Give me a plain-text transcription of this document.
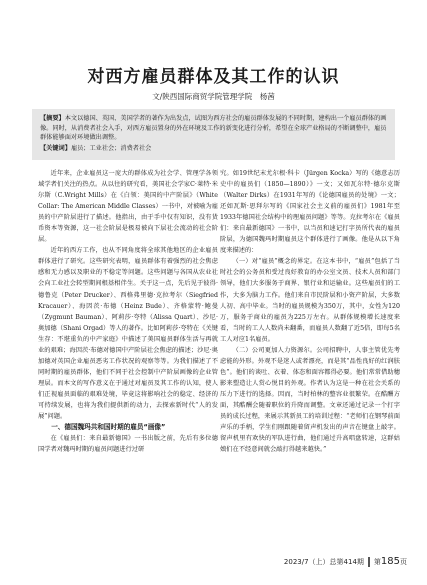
对西方雇员群体及其工作的认识
文/陕西国际商贸学院管理学院　杨茜
【摘要】本文以德国、英国、美国学者的著作为出发点，试图为西方社会的雇员群体发展的不同时期，建构出一个雇员群体的画像。同时，从消费者社会入手，对西方雇员置身的外在环境及工作的新变化进行分析，希望在全球产业格局的不断调整中，雇员群体能够面对环境做出调整。
【关键词】雇员；工业社会；消费者社会

近年来，企业雇员这一庞大的群体成为社会学、管理学各领域学者们关注的热点。从以往的研究看，美国社会学家C·莱特·米尔斯（C.Wright Mills）在《白领：美国的中产阶层》（White Collar: The American Middle Classes）一书中，对被喻为雇员的中产阶层进行了描述。他指出，由于手中仅有知识，没有货币资本等资源，这一社会阶层是极易被向下层社会流动的社会阶层。

近年的西方工作，也从不同角度将全球其他地区的企业雇员群体进行了研究。这些研究表明，雇员群体有着强烈的社会焦虑感和无力感以及职业的不稳定等问题。这些问题与各国从农业社会向工业社会转型期间根基相伴生。关于这一点，先后见于彼得·德鲁克（Peter Drucker）、西格弗里德·克拉考尔（Siegfried Kracauer）、海因茨·布德（Heinz Bude）、齐格蒙特·鲍曼（Zygmunt Bauman）、阿莉莎·夸特（Alissa Quart）、沙尼·奥加德（Shani Orgad）等人的著作。比如阿莉莎·夸特在《关键生存：不堪重负的中产家庭》中描述了美国雇员群体生活与再就业的艰难；海因茨·布德对德国中产阶层社会焦虑的描述；沙尼·奥加德对英国企业雇员恶劣工作状况的观察等等。为我们描述了不同时期的雇员群体，他们不同于社会控制中产阶层画像的企业管理层。而本文的写作意义在于通过对雇员及其工作的认知，使人们正视雇员面临的艰难处境，毕竟这将影响社会的稳定、经济的可持续发展，也将为我们提供新的动力，去探索新时代“人的发展”问题。

一、德国魏玛共和国时期的雇员“画像”

在《雇员们：来自最新德国》一书出版之前，先后有多位德国学者对魏玛时期的雇员问题进行过研

究。如19世纪末尤尔根·科卡（Jürgen Kocka）写的《德意志历史中的雇员们（1850—1890）》一文；又如瓦尔特·德尔克斯（Walter Dirks）在1931年写的《论德国雇员的处境》一文；还如瓦斯·思拜尔写的《国家社会主义前的雇员们》1981年至1933年德国社会结构中的理雇员问题》等等。克拉考尔在《雇员们：来自最新德国》一书中，以当员和速记打字员所代表的雇员阶层，为德国魏玛时期雇员这个群体进行了画像。他是从以下角度来描述的：

（一）对“雇员”概念的界定。在这本书中，“雇员”包括了当时社会的公务员和受过良好教育的办公室文员、技术人员和部门领导，他们大多服务于商界、银行业和运输业。这些雇员们的工作，大多为脑力工作。他们来自市民阶层和小资产阶层，大多数人初、高中毕业。当时的雇员规模为350万，其中，女性为120万，服务于商业的雇员为225万左右。从群体规模增长速度来看，当时的工人人数尚未翻番，而雇员人数翻了近5倍，即每5名工人对应1名雇员。

（二）公司更加人力资源尔。公司招聘中，人事主管优先考虑能的外形。外观不是迷人或者漂亮，而是其“品性良好的红润肤色”。他们的谈吐、衣着、体态和面容都得必要。他们常常借助穗影来塑造让人赏心悦目的外观。作者认为这是一种在社会关系的压力下进行的选择。因而，当时柏林的整容业很繁荣。在酷酬方面，其酷酬会随着职位的升降而调整。文章还通过记录一个打字员的成长过程，来展示其新员工的培训过程：“老师们在钢琴前面声乐的手柄，学生们刚跟随着留声机发出的声音在键盘上敲字。留声机里有欢快的军队进行曲，他们通过升高唱盘转速，这群姑娘们在不经意间就会敲打得越来越快。”

2023/7（上）总第414期 第185页
